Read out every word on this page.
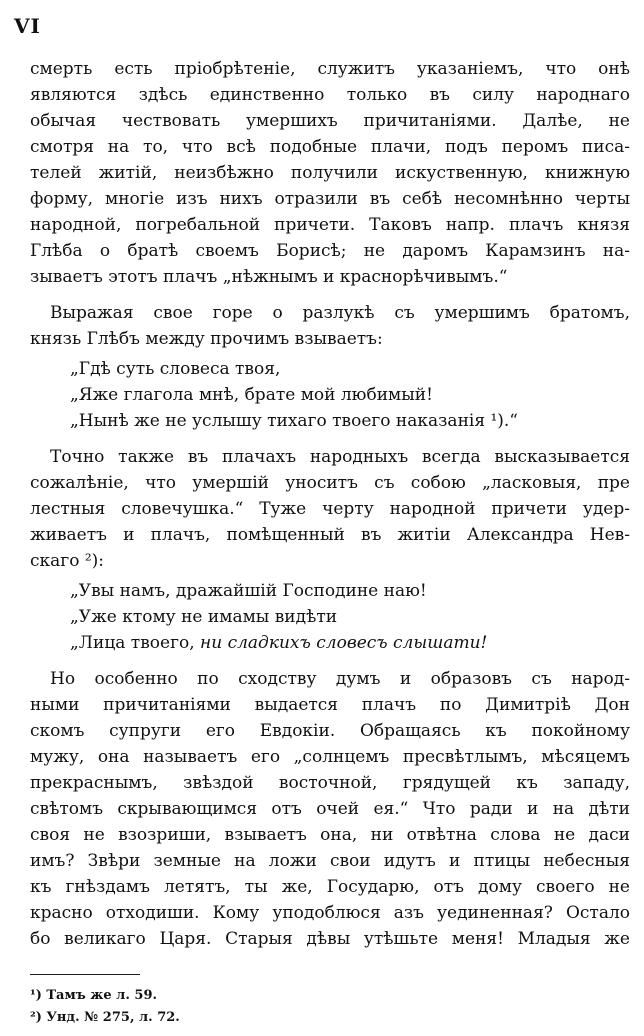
VI
смерть есть пріобрѣтеніе, служитъ указаніемъ, что онѣ
являются здѣсь единственно только въ силу народнаго
обычая чествовать умершихъ причитаніями. Далѣе, не
смотря на то, что всѣ подобные плачи, подъ перомъ писа-
телей житій, неизбѣжно получили искуственную, книжную
форму, многіе изъ нихъ отразили въ себѣ несомнѣнно черты
народной, погребальной причети. Таковъ напр. плачъ князя
Глѣба о братѣ своемъ Борисѣ; не даромъ Карамзинъ на-
зываетъ этотъ плачъ „нѣжнымъ и краснорѣчивымъ.“
Выражая свое горе о разлукѣ съ умершимъ братомъ,
князь Глѣбъ между прочимъ взываетъ:
„Гдѣ суть словеса твоя,
„Яже глагола мнѣ, брате мой любимый!
„Нынѣ же не услышу тихаго твоего наказанія ¹).“
Точно также въ плачахъ народныхъ всегда высказывается
сожалѣніе, что умершій уноситъ съ собою „ласковыя, пре
лестныя словечушка.“ Туже черту народной причети удер-
живаетъ и плачъ, помѣщенный въ житіи Александра Нев-
скаго ²):
„Увы намъ, дражайшій Господине наю!
„Уже ктому не имамы видѣти
„Лица твоего, ни сладкихъ словесъ слышати!
Но особенно по сходству думъ и образовъ съ народ-
ными причитаніями выдается плачъ по Димитріѣ Дон
скомъ супруги его Евдокіи. Обращаясь къ покойному
мужу, она называетъ его „солнцемъ пресвѣтлымъ, мѣсяцемъ
прекраснымъ, звѣздой восточной, грядущей къ западу,
свѣтомъ скрывающимся отъ очей ея.“ Что ради и на дѣти
своя не взозриши, взываетъ она, ни отвѣтна слова не даси
имъ? Звѣри земные на ложи свои идутъ и птицы небесныя
къ гнѣздамъ летятъ, ты же, Государю, отъ дому своего не
красно отходиши. Кому уподоблюся азъ уединенная? Остало
бо великаго Царя. Старыя дѣвы утѣшьте меня! Младыя же
¹) Тамъ же л. 59.
²) Унд. № 275, л. 72.
